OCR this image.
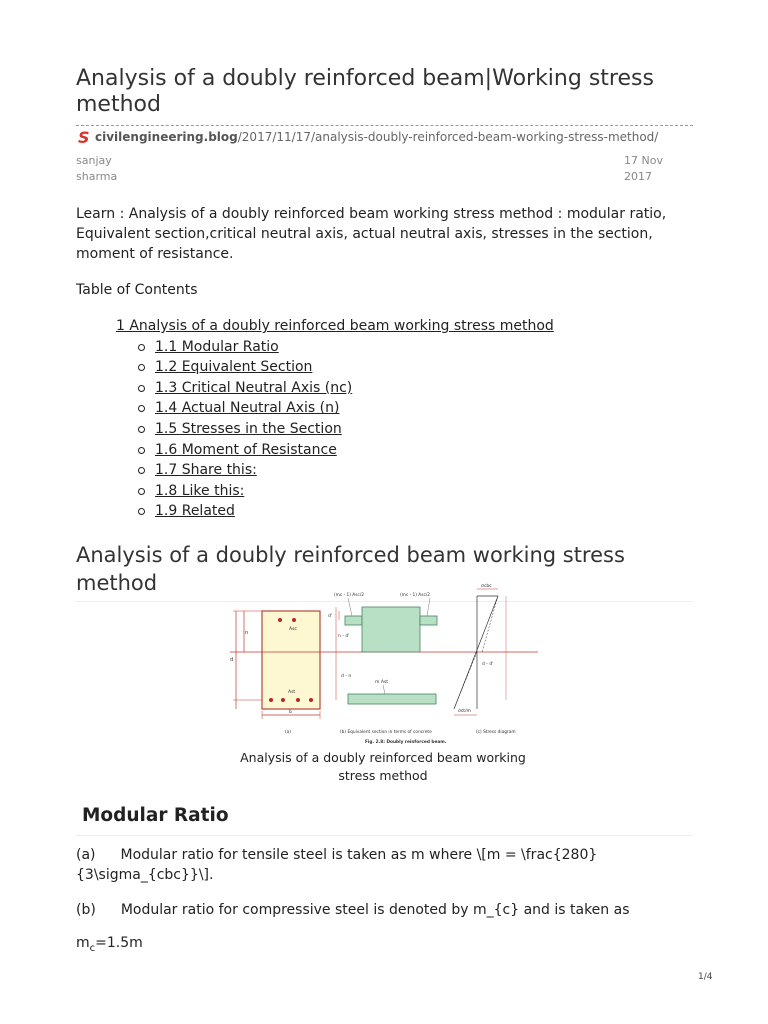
Analysis of a doubly reinforced beam|Working stress method
S civilengineering.blog/2017/11/17/analysis-doubly-reinforced-beam-working-stress-method/
sanjay sharma
17 Nov 2017

Learn : Analysis of a doubly reinforced beam working stress method : modular ratio, Equivalent section,critical neutral axis, actual neutral axis, stresses in the section, moment of resistance.

Table of Contents

1 Analysis of a doubly reinforced beam working stress method
1.1 Modular Ratio
1.2 Equivalent Section
1.3 Critical Neutral Axis (nc)
1.4 Actual Neutral Axis (n)
1.5 Stresses in the Section
1.6 Moment of Resistance
1.7 Share this:
1.8 Like this:
1.9 Related
Analysis of a doubly reinforced beam working stress method
Asc
Ast
d
n
b
d'
n - d'
d - n
m Ast
(mc - 1) Asc/2	(mc - 1) Asc/2
σcbc
σst/m
d - d'
(a)	(b) Equivalent section in terms of concrete	(c) Stress diagram
Fig. 2.8: Doubly reinforced beam.

Analysis of a doubly reinforced beam working stress method

Modular Ratio

(a) Modular ratio for tensile steel is taken as m where \[m = \frac{280}{3\sigma_{cbc}}\].

(b) Modular ratio for compressive steel is denoted by m_{c} and is taken as

$m_c=1.5m$

1/4
